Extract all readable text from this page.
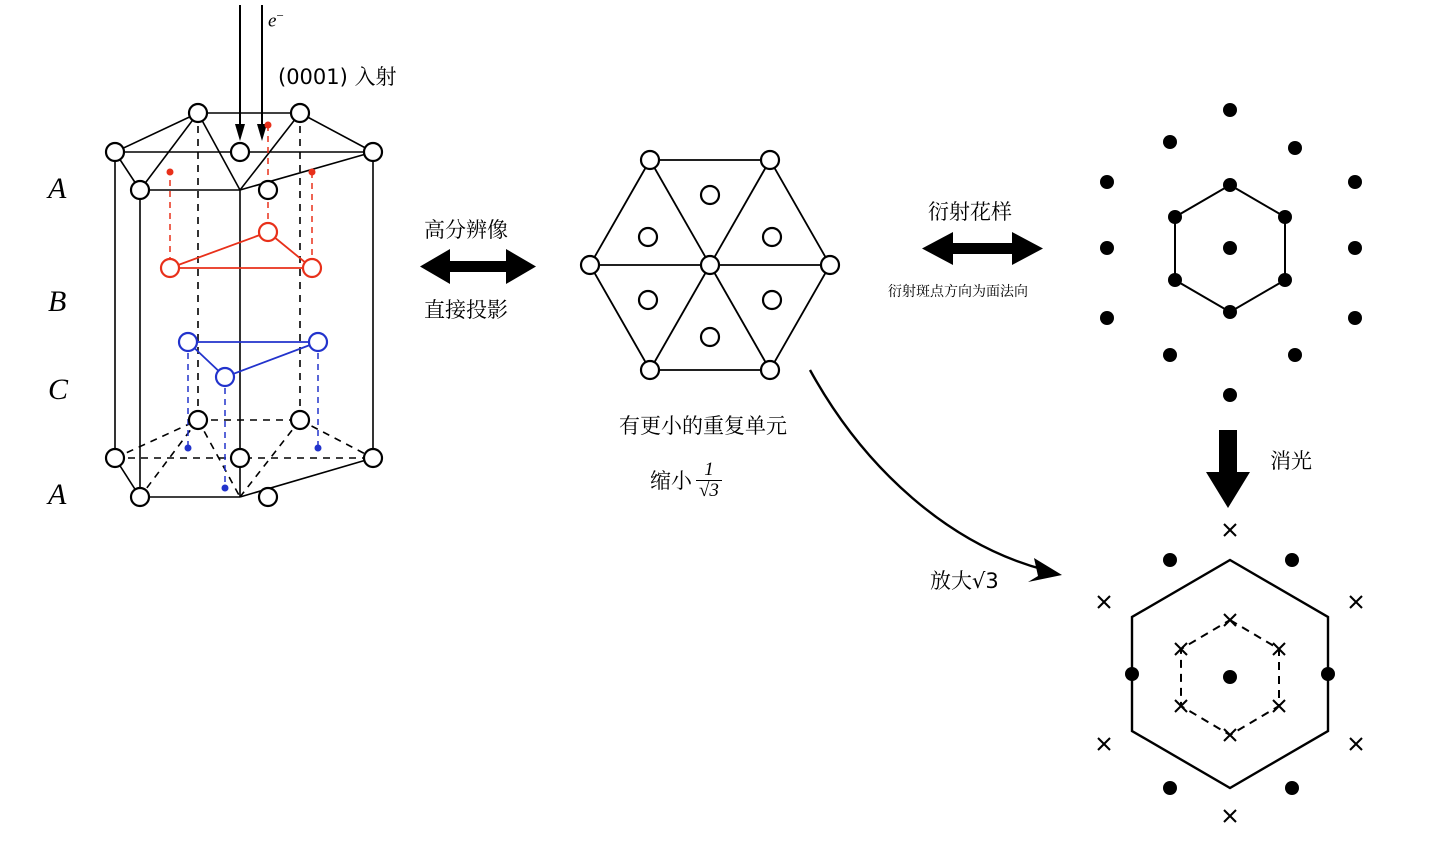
A
B
C
A
e−
(0001) 入射
高分辨像
直接投影
有更小的重复单元
缩小 $\frac{1}{√3}$
衍射花样
衍射斑点方向为面法向
消光
放大√3
